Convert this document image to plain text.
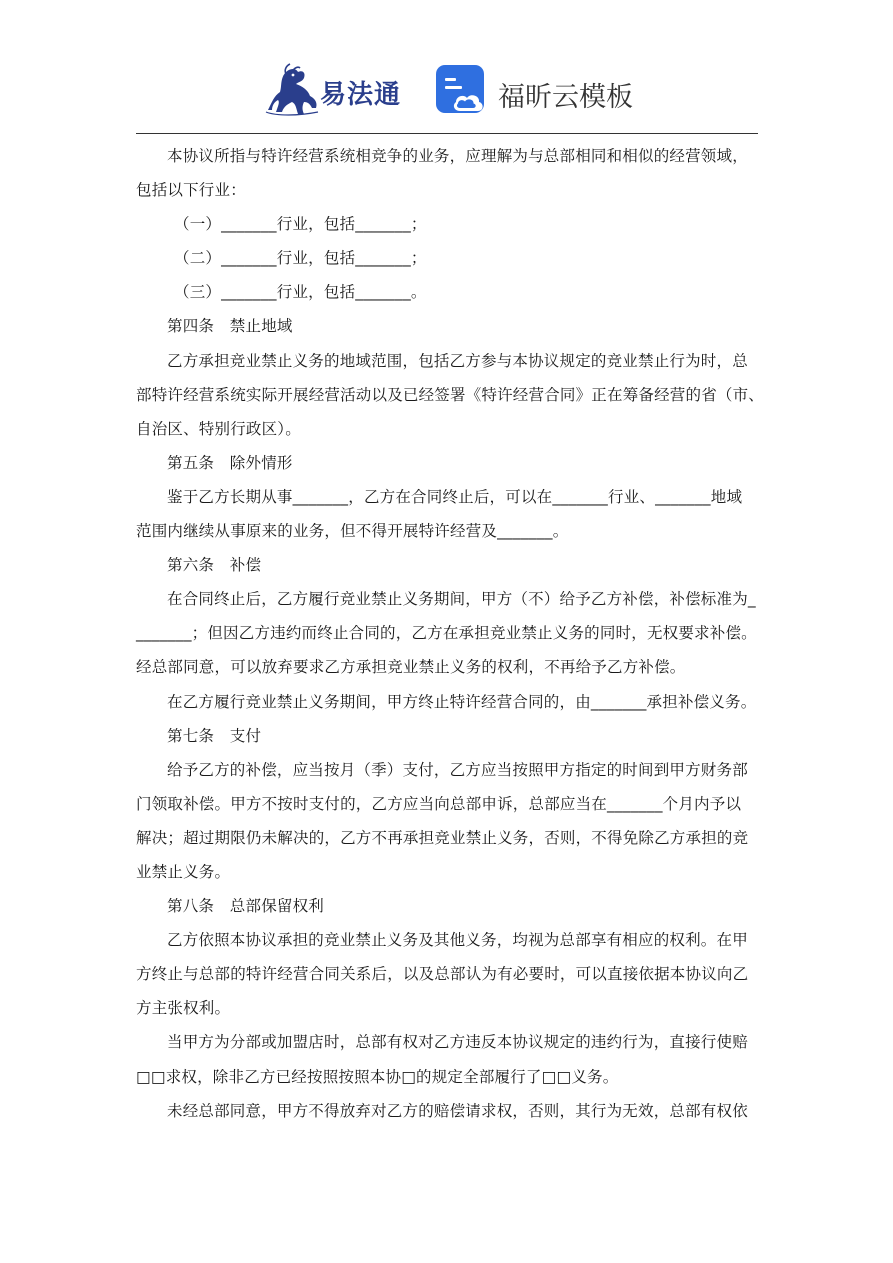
易法通	福昕云模板
本协议所指与特许经营系统相竞争的业务，应理解为与总部相同和相似的经营领域，
包括以下行业：
（一）_______行业，包括_______；
（二）_______行业，包括_______；
（三）_______行业，包括_______。
第四条　禁止地域
乙方承担竞业禁止义务的地域范围，包括乙方参与本协议规定的竞业禁止行为时，总
部特许经营系统实际开展经营活动以及已经签署《特许经营合同》正在筹备经营的省（市、
自治区、特别行政区）。
第五条　除外情形
鉴于乙方长期从事_______，乙方在合同终止后，可以在_______行业、_______地域
范围内继续从事原来的业务，但不得开展特许经营及_______。
第六条　补偿
在合同终止后，乙方履行竞业禁止义务期间，甲方（不）给予乙方补偿，补偿标准为_
_______；但因乙方违约而终止合同的，乙方在承担竞业禁止义务的同时，无权要求补偿。
经总部同意，可以放弃要求乙方承担竞业禁止义务的权利，不再给予乙方补偿。
在乙方履行竞业禁止义务期间，甲方终止特许经营合同的，由_______承担补偿义务。
第七条　支付
给予乙方的补偿，应当按月（季）支付，乙方应当按照甲方指定的时间到甲方财务部
门领取补偿。甲方不按时支付的，乙方应当向总部申诉，总部应当在_______个月内予以
解决；超过期限仍未解决的，乙方不再承担竞业禁止义务，否则，不得免除乙方承担的竞
业禁止义务。
第八条　总部保留权利
乙方依照本协议承担的竞业禁止义务及其他义务，均视为总部享有相应的权利。在甲
方终止与总部的特许经营合同关系后，以及总部认为有必要时，可以直接依据本协议向乙
方主张权利。
当甲方为分部或加盟店时，总部有权对乙方违反本协议规定的违约行为，直接行使赔
□□求权，除非乙方已经按照按照本协□的规定全部履行了□□义务。
未经总部同意，甲方不得放弃对乙方的赔偿请求权，否则，其行为无效，总部有权依
